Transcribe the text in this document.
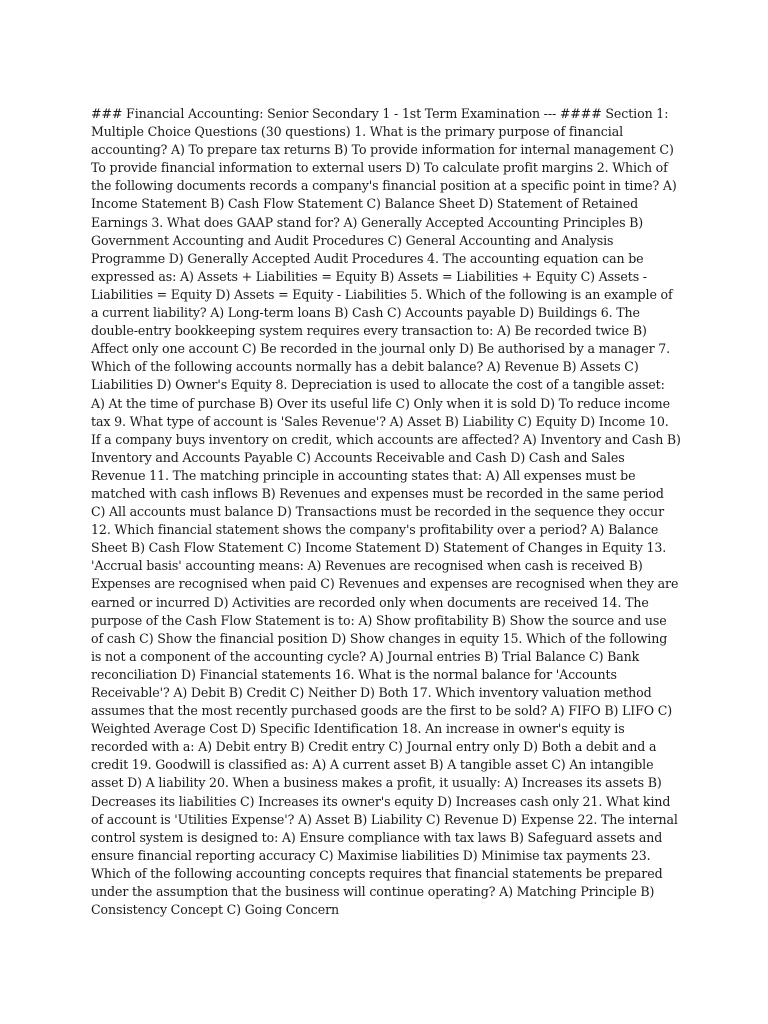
### Financial Accounting: Senior Secondary 1 - 1st Term Examination --- #### Section 1: Multiple Choice Questions (30 questions) 1. What is the primary purpose of financial accounting? A) To prepare tax returns B) To provide information for internal management C) To provide financial information to external users D) To calculate profit margins 2. Which of the following documents records a company's financial position at a specific point in time? A) Income Statement B) Cash Flow Statement C) Balance Sheet D) Statement of Retained Earnings 3. What does GAAP stand for? A) Generally Accepted Accounting Principles B) Government Accounting and Audit Procedures C) General Accounting and Analysis Programme D) Generally Accepted Audit Procedures 4. The accounting equation can be expressed as: A) Assets + Liabilities = Equity B) Assets = Liabilities + Equity C) Assets - Liabilities = Equity D) Assets = Equity - Liabilities 5. Which of the following is an example of a current liability? A) Long-term loans B) Cash C) Accounts payable D) Buildings 6. The double-entry bookkeeping system requires every transaction to: A) Be recorded twice B) Affect only one account C) Be recorded in the journal only D) Be authorised by a manager 7. Which of the following accounts normally has a debit balance? A) Revenue B) Assets C) Liabilities D) Owner's Equity 8. Depreciation is used to allocate the cost of a tangible asset: A) At the time of purchase B) Over its useful life C) Only when it is sold D) To reduce income tax 9. What type of account is 'Sales Revenue'? A) Asset B) Liability C) Equity D) Income 10. If a company buys inventory on credit, which accounts are affected? A) Inventory and Cash B) Inventory and Accounts Payable C) Accounts Receivable and Cash D) Cash and Sales Revenue 11. The matching principle in accounting states that: A) All expenses must be matched with cash inflows B) Revenues and expenses must be recorded in the same period C) All accounts must balance D) Transactions must be recorded in the sequence they occur 12. Which financial statement shows the company's profitability over a period? A) Balance Sheet B) Cash Flow Statement C) Income Statement D) Statement of Changes in Equity 13. 'Accrual basis' accounting means: A) Revenues are recognised when cash is received B) Expenses are recognised when paid C) Revenues and expenses are recognised when they are earned or incurred D) Activities are recorded only when documents are received 14. The purpose of the Cash Flow Statement is to: A) Show profitability B) Show the source and use of cash C) Show the financial position D) Show changes in equity 15. Which of the following is not a component of the accounting cycle? A) Journal entries B) Trial Balance C) Bank reconciliation D) Financial statements 16. What is the normal balance for 'Accounts Receivable'? A) Debit B) Credit C) Neither D) Both 17. Which inventory valuation method assumes that the most recently purchased goods are the first to be sold? A) FIFO B) LIFO C) Weighted Average Cost D) Specific Identification 18. An increase in owner's equity is recorded with a: A) Debit entry B) Credit entry C) Journal entry only D) Both a debit and a credit 19. Goodwill is classified as: A) A current asset B) A tangible asset C) An intangible asset D) A liability 20. When a business makes a profit, it usually: A) Increases its assets B) Decreases its liabilities C) Increases its owner's equity D) Increases cash only 21. What kind of account is 'Utilities Expense'? A) Asset B) Liability C) Revenue D) Expense 22. The internal control system is designed to: A) Ensure compliance with tax laws B) Safeguard assets and ensure financial reporting accuracy C) Maximise liabilities D) Minimise tax payments 23. Which of the following accounting concepts requires that financial statements be prepared under the assumption that the business will continue operating? A) Matching Principle B) Consistency Concept C) Going Concern
